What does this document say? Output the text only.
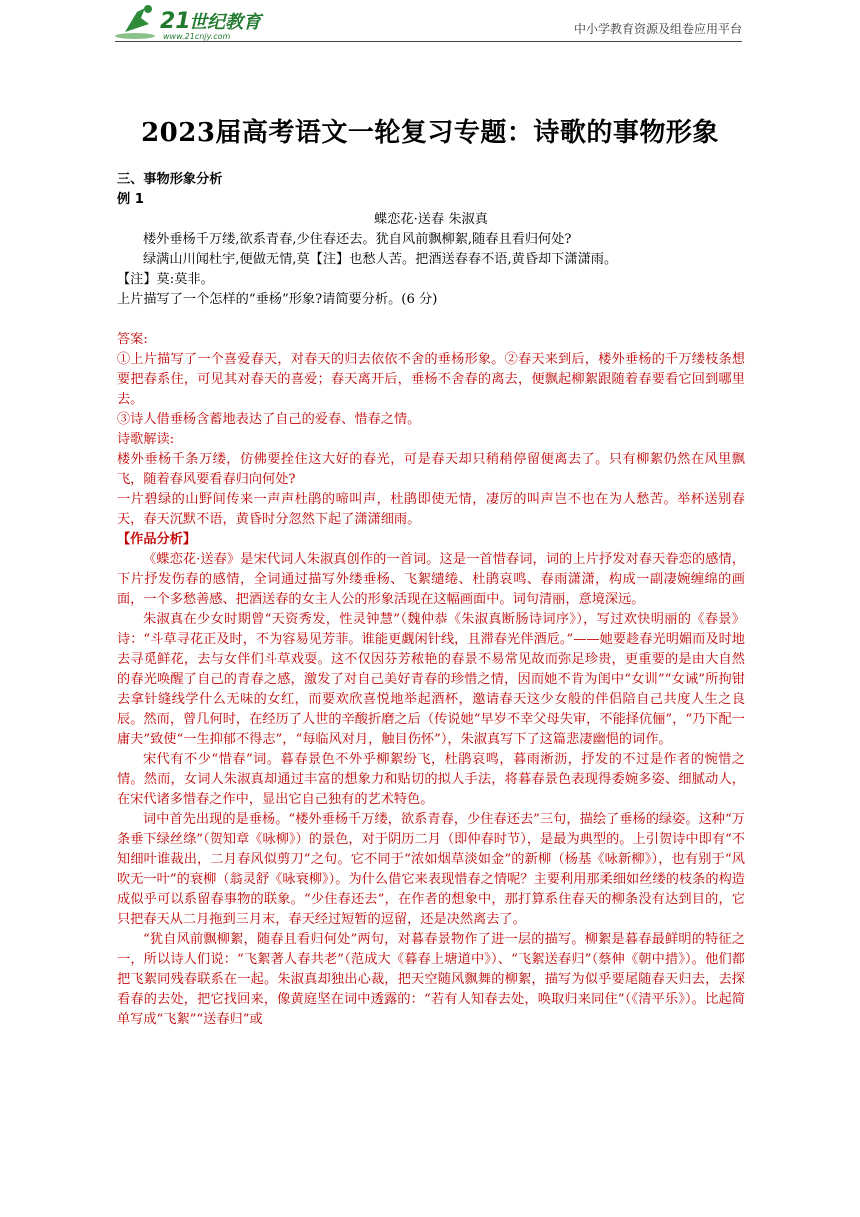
21
世纪教育
www.21cnjy.com
中小学教育资源及组卷应用平台
2023届高考语文一轮复习专题：诗歌的事物形象

三、事物形象分析

例 1

蝶恋花·送春 朱淑真

楼外垂杨千万缕,欲系青春,少住春还去。犹自风前飘柳絮,随春且看归何处?

绿满山川闻杜宇,便做无情,莫【注】也愁人苦。把酒送春春不语,黄昏却下潇潇雨。

【注】莫:莫非。

上片描写了一个怎样的“垂杨”形象?请简要分析。(6 分)

答案:

①上片描写了一个喜爱春天，对春天的归去依依不舍的垂杨形象。②春天来到后，楼外垂杨的千万缕枝条想要把春系住，可见其对春天的喜爱；春天离开后，垂杨不舍春的离去，便飘起柳絮跟随着春要看它回到哪里去。

③诗人借垂杨含蓄地表达了自己的爱春、惜春之情。

诗歌解读:

楼外垂杨千条万缕，仿佛要拴住这大好的春光，可是春天却只稍稍停留便离去了。只有柳絮仍然在风里飘飞，随着春风要看春归向何处?

一片碧绿的山野间传来一声声杜鹃的啼叫声，杜鹃即使无情，凄厉的叫声岂不也在为人愁苦。举杯送别春天，春天沉默不语，黄昏时分忽然下起了潇潇细雨。

【作品分析】

《蝶恋花·送春》是宋代词人朱淑真创作的一首词。这是一首惜春词，词的上片抒发对春天眷恋的感情，下片抒发伤春的感情，全词通过描写外缕垂杨、飞絮缱绻、杜鹃哀鸣、春雨潇潇，构成一副凄婉缠绵的画面，一个多愁善感、把酒送春的女主人公的形象活现在这幅画面中。词句清丽，意境深远。

朱淑真在少女时期曾“天资秀发，性灵钟慧”（魏仲恭《朱淑真断肠诗词序》），写过欢快明丽的《春景》诗：“斗草寻花正及时，不为容易见芳菲。谁能更觑闲针线，且滞春光伴酒卮。”——她要趁春光明媚而及时地去寻觅鲜花，去与女伴们斗草戏耍。这不仅因芬芳秾艳的春景不易常见故而弥足珍贵，更重要的是由大自然的春光唤醒了自己的青春之感，激发了对自己美好青春的珍惜之情，因而她不肯为闺中“女训”“女诫”所拘钳去拿针缝线学什么无味的女红，而要欢欣喜悦地举起酒杯，邀请春天这少女般的伴侣陪自己共度人生之良辰。然而，曾几何时，在经历了人世的辛酸折磨之后（传说她“早岁不幸父母失审，不能择伉俪”，“乃下配一庸夫”致使“一生抑郁不得志”，“每临风对月，触目伤怀”），朱淑真写下了这篇悲凄幽悒的词作。

宋代有不少“惜春”词。暮春景色不外乎柳絮纷飞，杜鹃哀鸣，暮雨淅沥，抒发的不过是作者的惋惜之情。然而，女词人朱淑真却通过丰富的想象力和贴切的拟人手法，将暮春景色表现得委婉多姿、细腻动人，在宋代诸多惜春之作中，显出它自己独有的艺术特色。

词中首先出现的是垂杨。“楼外垂杨千万缕，欲系青春，少住春还去”三句，描绘了垂杨的绿姿。这种“万条垂下绿丝绦”（贺知章《咏柳》）的景色，对于阴历二月（即仲春时节），是最为典型的。上引贺诗中即有“不知细叶谁裁出，二月春风似剪刀”之句。它不同于“浓如烟草淡如金”的新柳（杨基《咏新柳》），也有别于“风吹无一叶”的衰柳（翁灵舒《咏衰柳》）。为什么借它来表现惜春之情呢？主要利用那柔细如丝缕的枝条的构造成似乎可以系留春事物的联象。“少住春还去”，在作者的想象中，那打算系住春天的柳条没有达到目的，它只把春天从二月拖到三月末，春天经过短暂的逗留，还是决然离去了。

“犹自风前飘柳絮，随春且看归何处”两句，对暮春景物作了进一层的描写。柳絮是暮春最鲜明的特征之一，所以诗人们说：“飞絮著人春共老”（范成大《暮春上塘道中》）、“飞絮送春归”（蔡伸《朝中措》）。他们都把飞絮同残春联系在一起。朱淑真却独出心裁，把天空随风飘舞的柳絮，描写为似乎要尾随春天归去，去探看春的去处，把它找回来，像黄庭坚在词中透露的：“若有人知春去处，唤取归来同住”（《清平乐》）。比起简单写成“飞絮”“送春归”或
